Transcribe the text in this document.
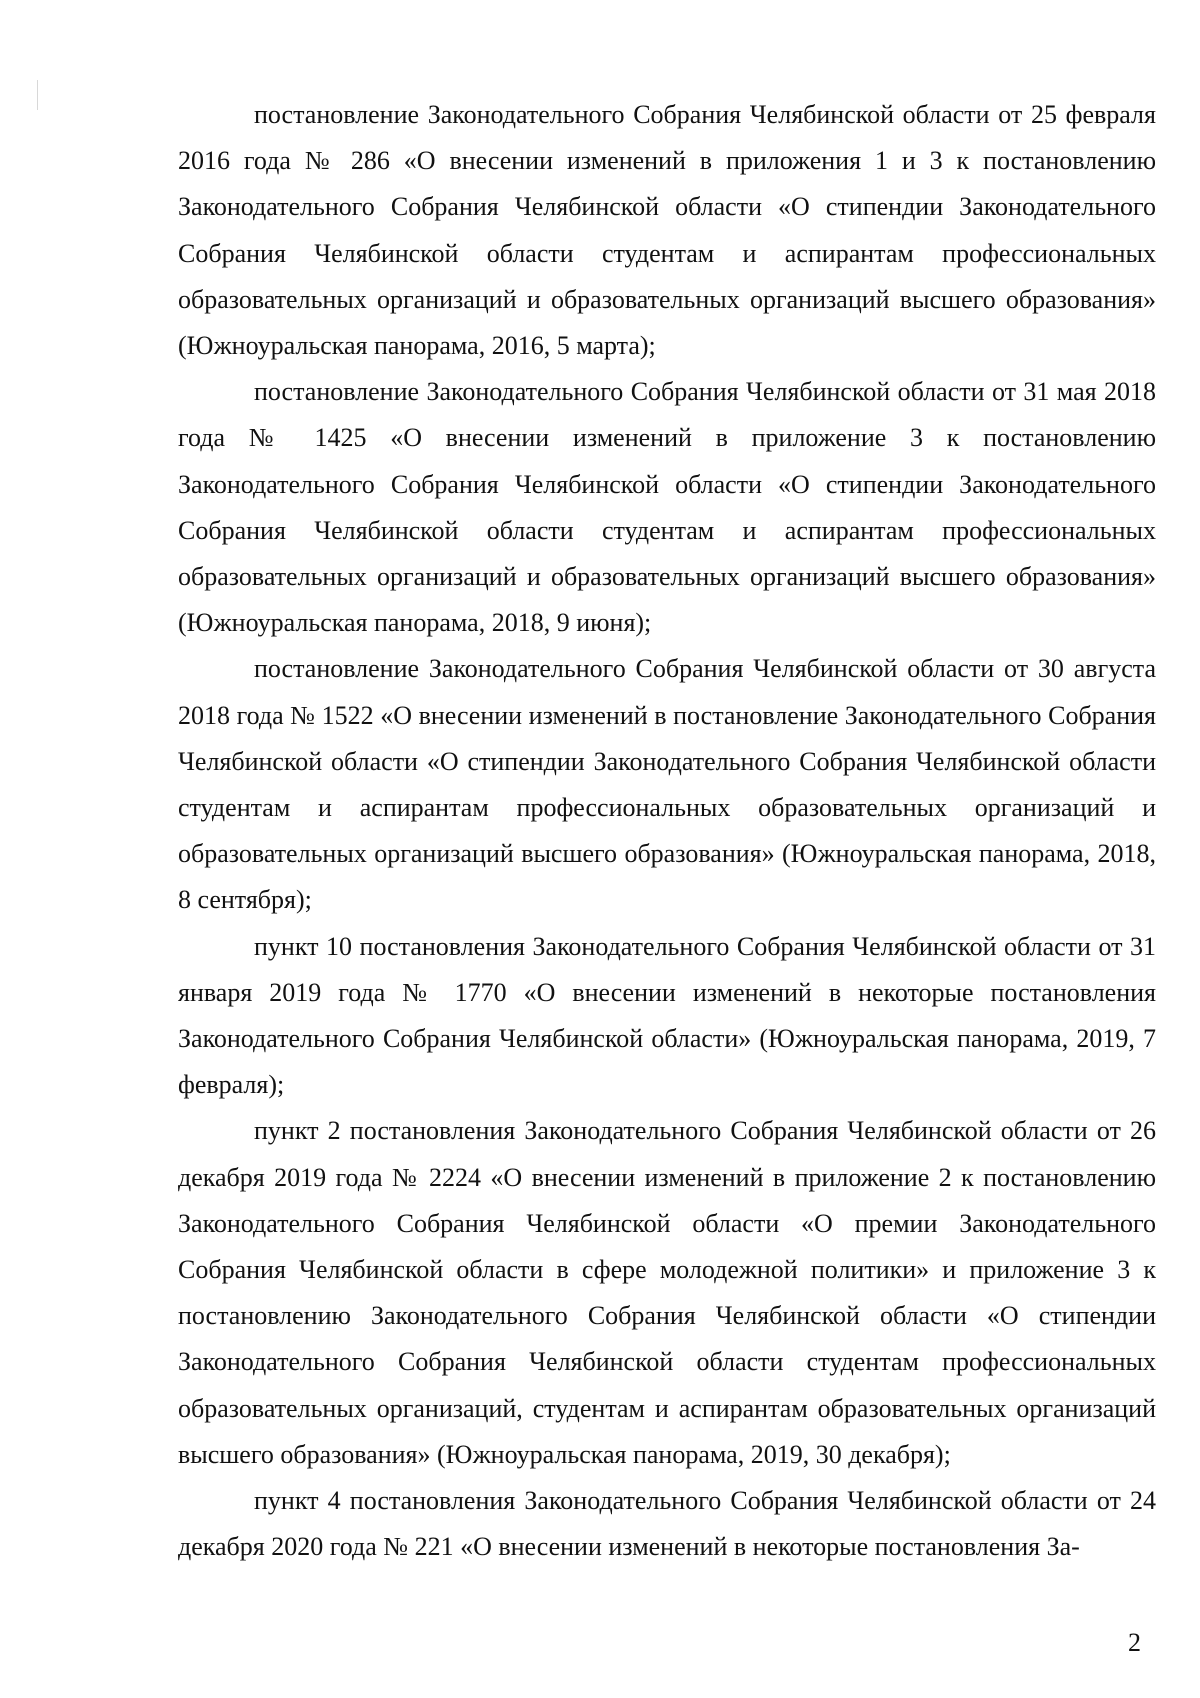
постановление Законодательного Собрания Челябинской области от 25 февраля 2016 года № 286 «О внесении изменений в приложения 1 и 3 к постановлению Законодательного Собрания Челябинской области «О стипендии Законодательного Собрания Челябинской области студентам и аспирантам профессиональных образовательных организаций и образовательных организаций высшего образования» (Южноуральская панорама, 2016, 5 марта);

постановление Законодательного Собрания Челябинской области от 31 мая 2018 года № 1425 «О внесении изменений в приложение 3 к постановлению Законодательного Собрания Челябинской области «О стипендии Законодательного Собрания Челябинской области студентам и аспирантам профессиональных образовательных организаций и образовательных организаций высшего образования» (Южноуральская панорама, 2018, 9 июня);

постановление Законодательного Собрания Челябинской области от 30 августа 2018 года № 1522 «О внесении изменений в постановление Законодательного Собрания Челябинской области «О стипендии Законодательного Собрания Челябинской области студентам и аспирантам профессиональных образовательных организаций и образовательных организаций высшего образования» (Южноуральская панорама, 2018, 8 сентября);

пункт 10 постановления Законодательного Собрания Челябинской области от 31 января 2019 года № 1770 «О внесении изменений в некоторые постановления Законодательного Собрания Челябинской области» (Южноуральская панорама, 2019, 7 февраля);

пункт 2 постановления Законодательного Собрания Челябинской области от 26 декабря 2019 года № 2224 «О внесении изменений в приложение 2 к постановлению Законодательного Собрания Челябинской области «О премии Законодательного Собрания Челябинской области в сфере молодежной политики» и приложение 3 к постановлению Законодательного Собрания Челябинской области «О стипендии Законодательного Собрания Челябинской области студентам профессиональных образовательных организаций, студентам и аспирантам образовательных организаций высшего образования» (Южноуральская панорама, 2019, 30 декабря);

пункт 4 постановления Законодательного Собрания Челябинской области от 24 декабря 2020 года № 221 «О внесении изменений в некоторые постановления За-

2
